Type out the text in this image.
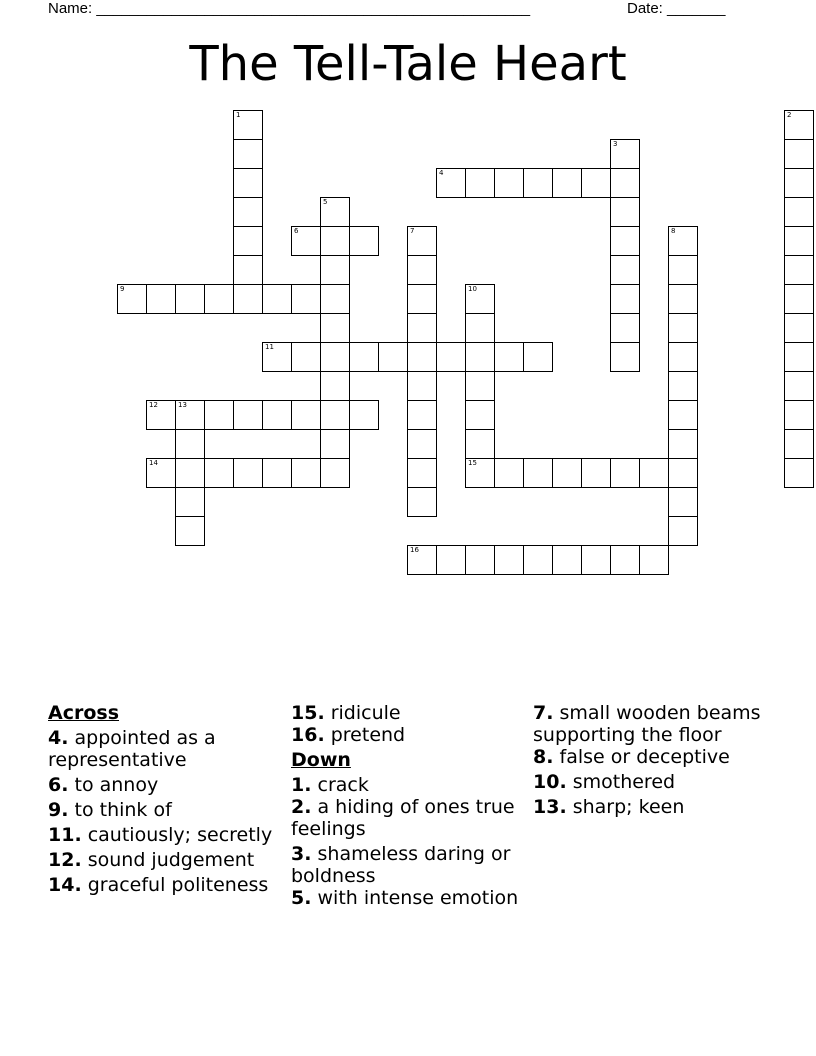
Name: ____________________________________________________	Date: _______
The Tell-Tale Heart
1	2
3
4
5
6	7	8
9	10
15
11
12	13
14
16
Across
4. appointed as a representative
6. to annoy
9. to think of
11. cautiously; secretly
12. sound judgement
14. graceful politeness
15. ridicule
16. pretend
Down
1. crack
2. a hiding of ones true feelings
3. shameless daring or boldness
5. with intense emotion
7. small wooden beams supporting the floor
8. false or deceptive
10. smothered
13. sharp; keen
